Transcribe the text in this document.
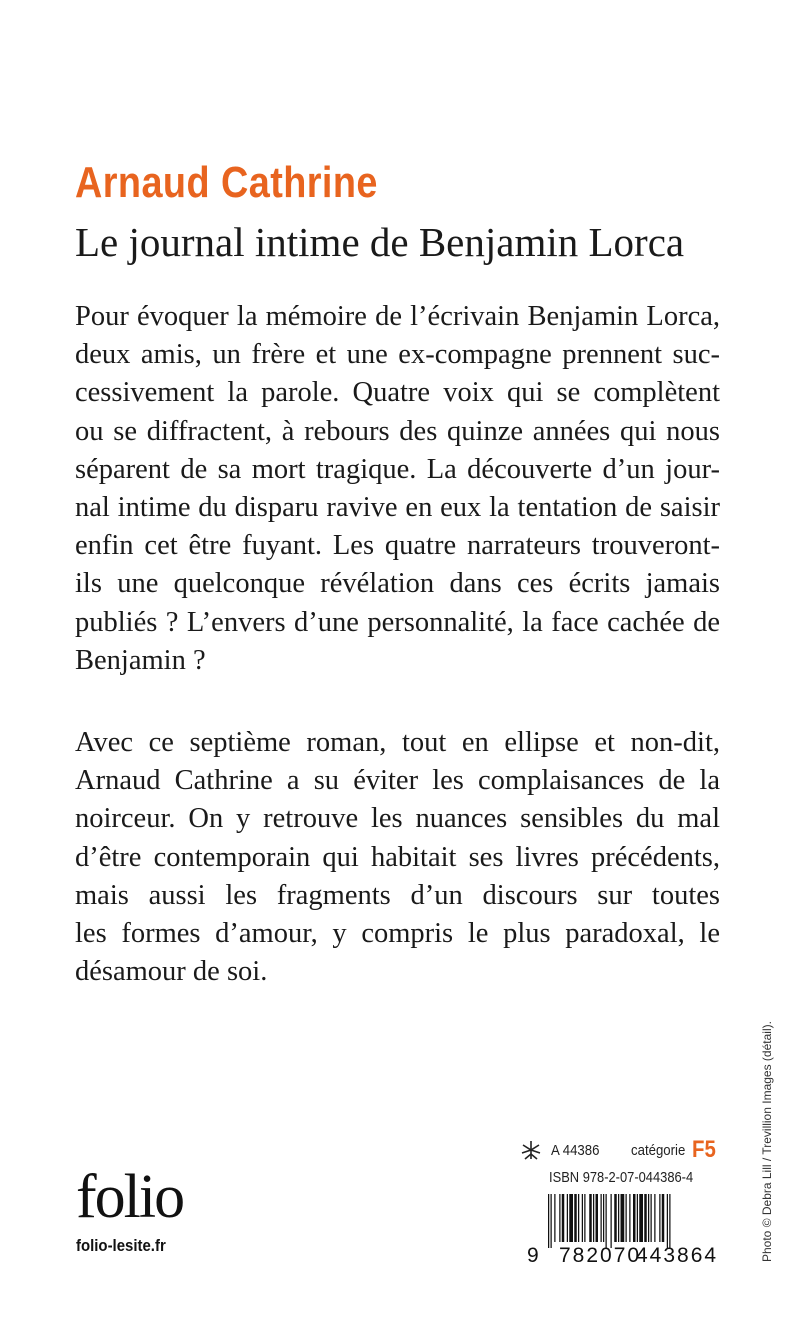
Arnaud Cathrine
Le journal intime de Benjamin Lorca

Pour évoquer la mémoire de l’écrivain Benjamin Lorca,
deux amis, un frère et une ex-compagne prennent suc-
cessivement la parole. Quatre voix qui se complètent
ou se diffractent, à rebours des quinze années qui nous
séparent de sa mort tragique. La découverte d’un jour-
nal intime du disparu ravive en eux la tentation de saisir
enfin cet être fuyant. Les quatre narrateurs trouveront-
ils une quelconque révélation dans ces écrits jamais
publiés ? L’envers d’une personnalité, la face cachée de
Benjamin ?

Avec ce septième roman, tout en ellipse et non-dit,
Arnaud Cathrine a su éviter les complaisances de la
noirceur. On y retrouve les nuances sensibles du mal
d’être contemporain qui habitait ses livres précédents,
mais aussi les fragments d’un discours sur toutes
les formes d’amour, y compris le plus paradoxal, le
désamour de soi.

Photo © Debra Lill / Trevillion Images (détail).
folio
folio-lesite.fr
A 44386 catégorie F5
ISBN 978-2-07-044386-4
9 782070
443864
